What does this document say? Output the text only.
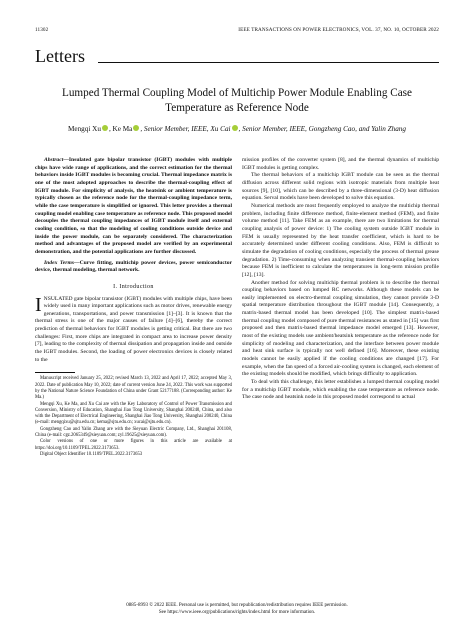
11302	IEEE TRANSACTIONS ON POWER ELECTRONICS, VOL. 37, NO. 10, OCTOBER 2022
Letters
Lumped Thermal Coupling Model of Multichip Power Module Enabling Case Temperature as Reference Node
Mengqi Xu , Ke Ma , Senior Member, IEEE, Xu Cai , Senior Member, IEEE, Gongzheng Cao, and Yalin Zhang

Abstract—Insulated gate bipolar transistor (IGBT) modules with multiple chips have wide range of applications, and the correct estimation for the thermal behaviors inside IGBT modules is becoming crucial. Thermal impedance matrix is one of the most adopted approaches to describe the thermal-coupling effect of IGBT module. For simplicity of analysis, the heatsink or ambient temperature is typically chosen as the reference node for the thermal-coupling impedance term, while the case temperature is simplified or ignored. This letter provides a thermal coupling model enabling case temperature as reference node. This proposed model decouples the thermal coupling impedances of IGBT module itself and external cooling condition, so that the modeling of cooling conditions outside device and inside the power module, can be separately considered. The characterization method and advantages of the proposed model are verified by an experimental demonstration, and the potential applications are further discussed.

Index Terms—Curve fitting, multichip power devices, power semiconductor device, thermal modeling, thermal network.

I. Introduction

INSULATED gate bipolar transistor (IGBT) modules with multiple chips, have been widely used in many important applications such as motor drives, renewable energy generations, transportations, and power transmission [1]–[3]. It is known that the thermal stress is one of the major causes of failure [4]–[6], thereby the correct prediction of thermal behaviors for IGBT modules is getting critical. But there are two challenges: First, more chips are integrated in compact area to increase power density [7], leading to the complexity of thermal dissipation and propagation inside and outside the IGBT modules. Second, the loading of power electronics devices is closely related to the

Manuscript received January 25, 2022; revised March 13, 2022 and April 17, 2022; accepted May 3, 2022. Date of publication May 10, 2022; date of current version June 24, 2022. This work was supported by the National Nature Science Foundation of China under Grant 52177188. (Corresponding author: Ke Ma.)

Mengqi Xu, Ke Ma, and Xu Cai are with the Key Laboratory of Control of Power Transmission and Conversion, Ministry of Education, Shanghai Jiao Tong University, Shanghai 200240, China, and also with the Department of Electrical Engineering, Shanghai Jiao Tong University, Shanghai 200240, China (e-mail: mengqixu@sjtu.edu.cn; kema@sjtu.edu.cn; xucai@sjtu.edu.cn).

Gongzheng Cao and Yalin Zhang are with the Sieyuan Electric Company, Ltd., Shanghai 201108, China (e-mail: cgz.2065349@sieyuan.com; zyl.19625@sieyuan.com).

Color versions of one or more figures in this article are available at https://doi.org/10.1109/TPEL.2022.3173653.

Digital Object Identifier 10.1109/TPEL.2022.3173653

mission profiles of the converter system [8], and the thermal dynamics of multichip IGBT modules is getting complex.

The thermal behaviors of a multichip IGBT module can be seen as the thermal diffusion across different solid regions with isotropic materials from multiple heat sources [9], [10], which can be described by a three-dimensional (3-D) heat diffusion equation. Serval models have been developed to solve this equation.

Numerical methods are most frequently employed to analyze the multichip thermal problem, including finite difference method, finite-element method (FEM), and finite volume method [11]. Take FEM as an example, there are two limitations for thermal coupling analysis of power device: 1) The cooling system outside IGBT module in FEM is usually represented by the heat transfer coefficient, which is hard to be accurately determined under different cooling conditions. Also, FEM is difficult to simulate the degradation of cooling conditions, especially the process of thermal grease degradation. 2) Time-consuming when analyzing transient thermal-coupling behaviors because FEM is inefficient to calculate the temperatures in long-term mission profile [12], [13].

Another method for solving multichip thermal problem is to describe the thermal coupling behaviors based on lumped RC networks. Although these models can be easily implemented on electro-thermal coupling simulation, they cannot provide 3-D spatial temperature distribution throughout the IGBT module [14]. Consequently, a matrix-based thermal model has been developed [10]. The simplest matrix-based thermal coupling model composed of pure thermal resistances as stated in [15] was first proposed and then matrix-based thermal impedance model emerged [13]. However, most of the existing models use ambient/heatsink temperature as the reference node for simplicity of modeling and characterization, and the interface between power module and heat sink surface is typically not well defined [16]. Moreover, these existing models cannot be easily applied if the cooling conditions are changed [17]. For example, when the fan speed of a forced air-cooling system is changed, each element of the existing models should be modified, which brings difficulty to application.

To deal with this challenge, this letter establishes a lumped thermal coupling model for a multichip IGBT module, which enabling the case temperature as reference node. The case node and heatsink node in this proposed model correspond to actual

0885-8993 © 2022 IEEE. Personal use is permitted, but republication/redistribution requires IEEE permission.
See https://www.ieee.org/publications/rights/index.html for more information.
